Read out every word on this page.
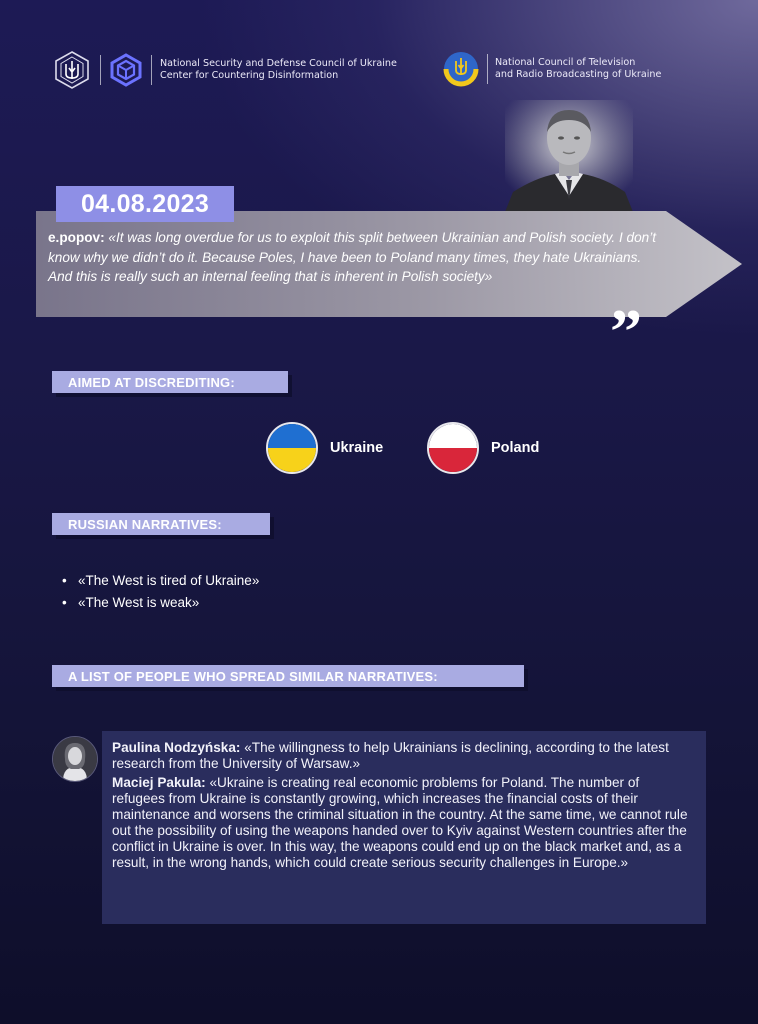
National Security and Defense Council of Ukraine
Center for Countering Disinformation
National Council of Television
and Radio Broadcasting of Ukraine
04.08.2023
e.popov: «It was long overdue for us to exploit this split between Ukrainian and Polish society. I don’t know why we didn’t do it. Because Poles, I have been to Poland many times, they hate Ukrainians. And this is really such an internal feeling that is inherent in Polish society»
”
AIMED AT DISCREDITING:
Ukraine	Poland
RUSSIAN NARRATIVES:
• «The West is tired of Ukraine»
• «The West is weak»
A LIST OF PEOPLE WHO SPREAD SIMILAR NARRATIVES:

Paulina Nodzyńska: «The willingness to help Ukrainians is declining, according to the latest research from the University of Warsaw.»

Maciej Pakula: «Ukraine is creating real economic problems for Poland. The number of refugees from Ukraine is constantly growing, which increases the financial costs of their maintenance and worsens the criminal situation in the country. At the same time, we cannot rule out the possibility of using the weapons handed over to Kyiv against Western countries after the conflict in Ukraine is over. In this way, the weapons could end up on the black market and, as a result, in the wrong hands, which could create serious security challenges in Europe.»
